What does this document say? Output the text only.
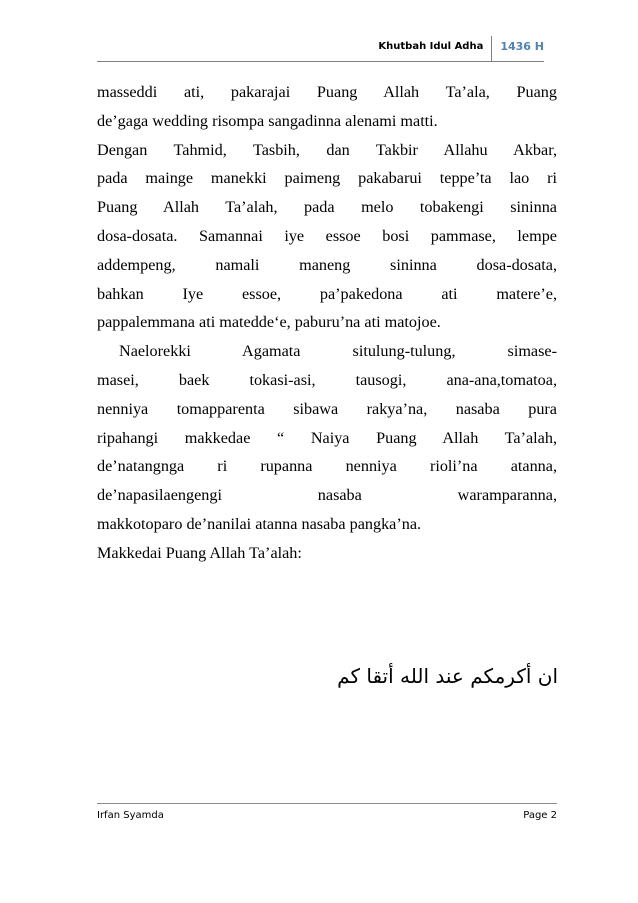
Khutbah Idul Adha 1436 H
masseddi ati, pakarajai Puang Allah Ta’ala, Puang
de’gaga wedding risompa sangadinna alenami matti.
Dengan Tahmid, Tasbih, dan Takbir Allahu Akbar,
pada mainge manekki paimeng pakabarui teppe’ta lao ri
Puang Allah Ta’alah, pada melo tobakengi sininna
dosa-dosata. Samannai iye essoe bosi pammase, lempe
addempeng, namali maneng sininna dosa-dosata,
bahkan Iye essoe, pa’pakedona ati matere’e,
pappalemmana ati matedde‘e, paburu’na ati matojoe.
Naelorekki Agamata situlung-tulung, simase-
masei, baek tokasi-asi, tausogi, ana-ana,tomatoa,
nenniya tomapparenta sibawa rakya’na, nasaba pura
ripahangi makkedae “ Naiya Puang Allah Ta’alah,
de’natangnga ri rupanna nenniya rioli’na atanna,
de’napasilaengengi nasaba waramparanna,
makkotoparo de’nanilai atanna nasaba pangka’na.
Makkedai Puang Allah Ta’alah:
ان أكرمكم عند الله أتقا كم
Irfan Syamda	Page 2
